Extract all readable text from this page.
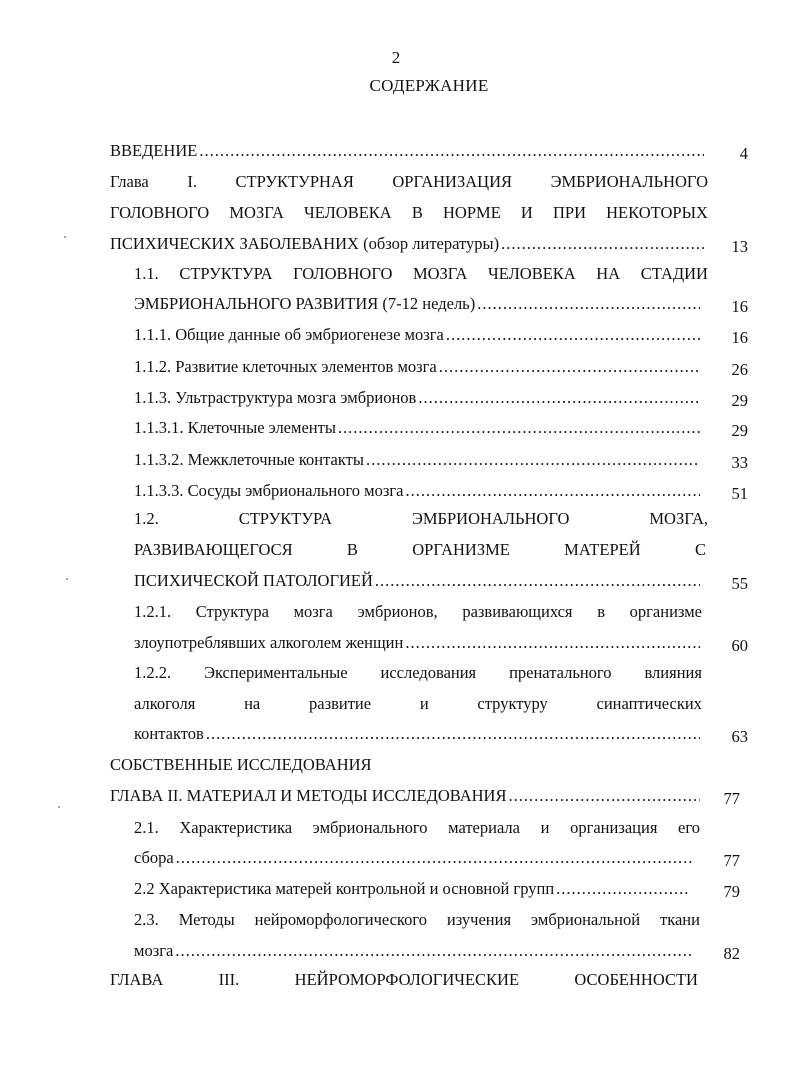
2
СОДЕРЖАНИЕ
ВВЕДЕНИЕ .....	4
Глава I. СТРУКТУРНАЯ ОРГАНИЗАЦИЯ ЭМБРИОНАЛЬНОГО
ГОЛОВНОГО МОЗГА ЧЕЛОВЕКА В НОРМЕ И ПРИ НЕКОТОРЫХ
ПСИХИЧЕСКИХ ЗАБОЛЕВАНИХ (обзор литературы) .....	13
1.1. СТРУКТУРА ГОЛОВНОГО МОЗГА ЧЕЛОВЕКА НА СТАДИИ
ЭМБРИОНАЛЬНОГО РАЗВИТИЯ (7-12 недель) .....	16
1.1.1. Общие данные об эмбриогенезе мозга .....	16
1.1.2. Развитие клеточных элементов мозга .....	26
1.1.3. Ультраструктура мозга эмбрионов .....	29
1.1.3.1. Клеточные элементы .....	29
1.1.3.2. Межклеточные контакты .....	33
1.1.3.3. Сосуды эмбрионального мозга .....	51
1.2.	СТРУКТУРА	ЭМБРИОНАЛЬНОГО	МОЗГА,
РАЗВИВАЮЩЕГОСЯ	В	ОРГАНИЗМЕ	МАТЕРЕЙ	С
ПСИХИЧЕСКОЙ ПАТОЛОГИЕЙ .....	55
1.2.1. Структура мозга эмбрионов, развивающихся в организме
злоупотреблявших алкоголем женщин .....	60
1.2.2. Экспериментальные исследования пренатального влияния
алкоголя	на	развитие	и	структуру	синаптических
контактов .....	63
СОБСТВЕННЫЕ ИССЛЕДОВАНИЯ
ГЛАВА II. МАТЕРИАЛ И МЕТОДЫ ИССЛЕДОВАНИЯ .....	77
2.1. Характеристика эмбрионального материала и организация его
сбора .....	77
2.2 Характеристика матерей контрольной и основной групп .....	79
2.3. Методы нейроморфологического изучения эмбриональной ткани
мозга .....	82
ГЛАВА	III.	НЕЙРОМОРФОЛОГИЧЕСКИЕ	ОСОБЕННОСТИ
